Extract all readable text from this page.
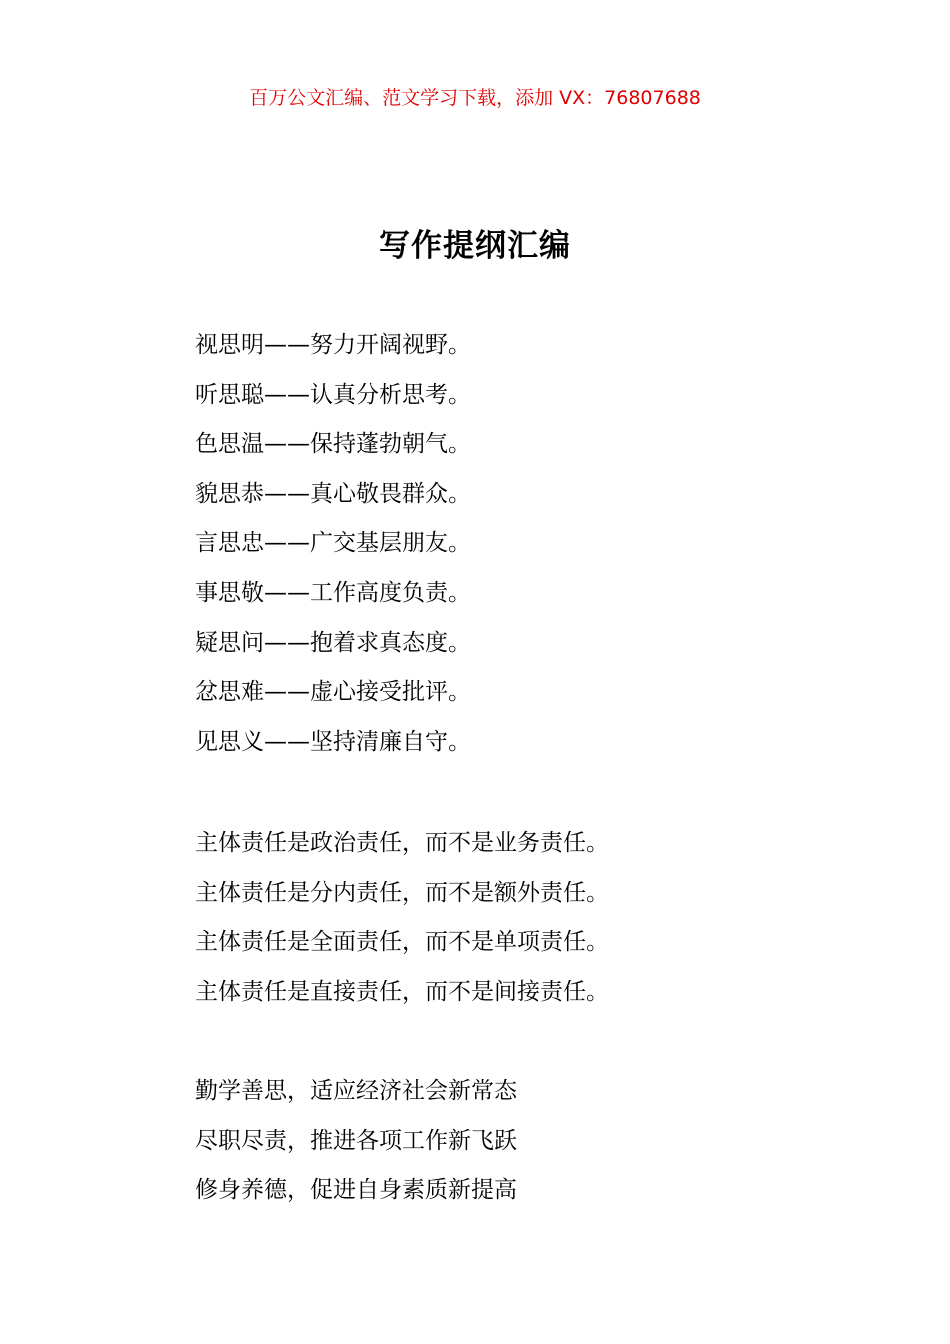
百万公文汇编、范文学习下载，添加 VX：76807688
写作提纲汇编
视思明——努力开阔视野。
听思聪——认真分析思考。
色思温——保持蓬勃朝气。
貌思恭——真心敬畏群众。
言思忠——广交基层朋友。
事思敬——工作高度负责。
疑思问——抱着求真态度。
忿思难——虚心接受批评。
见思义——坚持清廉自守。
主体责任是政治责任，而不是业务责任。
主体责任是分内责任，而不是额外责任。
主体责任是全面责任，而不是单项责任。
主体责任是直接责任，而不是间接责任。
勤学善思，适应经济社会新常态
尽职尽责，推进各项工作新飞跃
修身养德，促进自身素质新提高
